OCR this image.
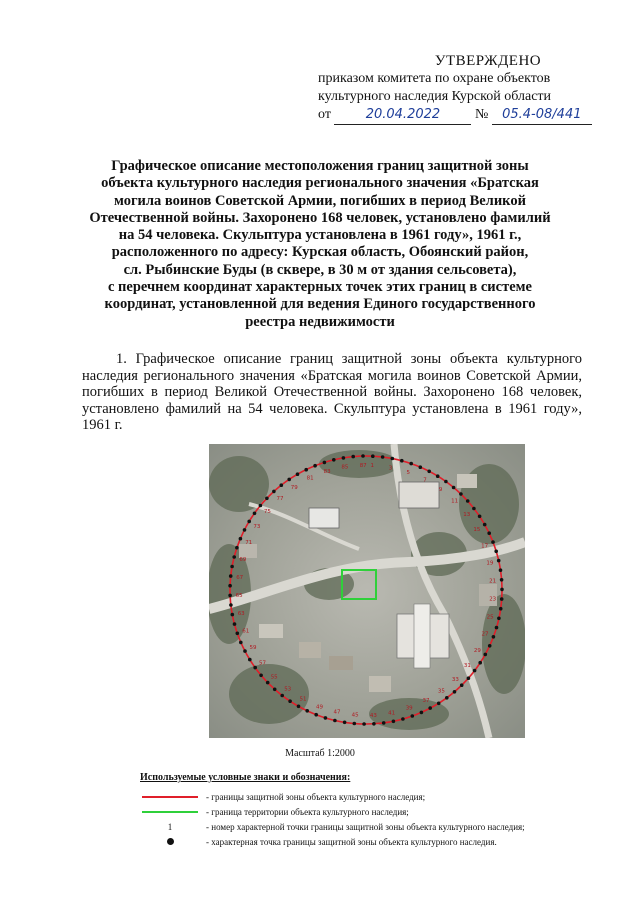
УТВЕРЖДЕНО
приказом комитета по охране объектов
культурного наследия Курской области
от	20.04.2022 № 05.4-08/441
Графическое описание местоположения границ защитной зоны
объекта культурного наследия регионального значения «Братская
могила воинов Советской Армии, погибших в период Великой
Отечественной войны. Захоронено 168 человек, установлено фамилий
на 54 человека. Скульптура установлена в 1961 году», 1961 г.,
расположенного по адресу: Курская область, Обоянский район,
сл. Рыбинские Буды (в сквере, в 30 м от здания сельсовета),
с перечнем координат характерных точек этих границ в системе
координат, установленной для ведения Единого государственного
реестра недвижимости
1. Графическое описание границ защитной зоны объекта культурного наследия регионального значения «Братская могила воинов Советской Армии, погибших в период Великой Отечественной войны. Захоронено 168 человек, установлено фамилий на 54 человека. Скульптура установлена в 1961 году», 1961 г.
1	3
5
7
9
11
13
15
17
19
21
23
25
27
29
31
33
35
37
39
41
43
45
47
49
51
53
55
57
59
61
63
65
67
69
71
73
75
77
79
81
83
85 87
Масштаб 1:2000
Используемые условные знаки и обозначения:
- границы защитной зоны объекта культурного наследия;
- граница территории объекта культурного наследия;
1	- номер характерной точки границы защитной зоны объекта культурного наследия;
- характерная точка границы защитной зоны объекта культурного наследия.
